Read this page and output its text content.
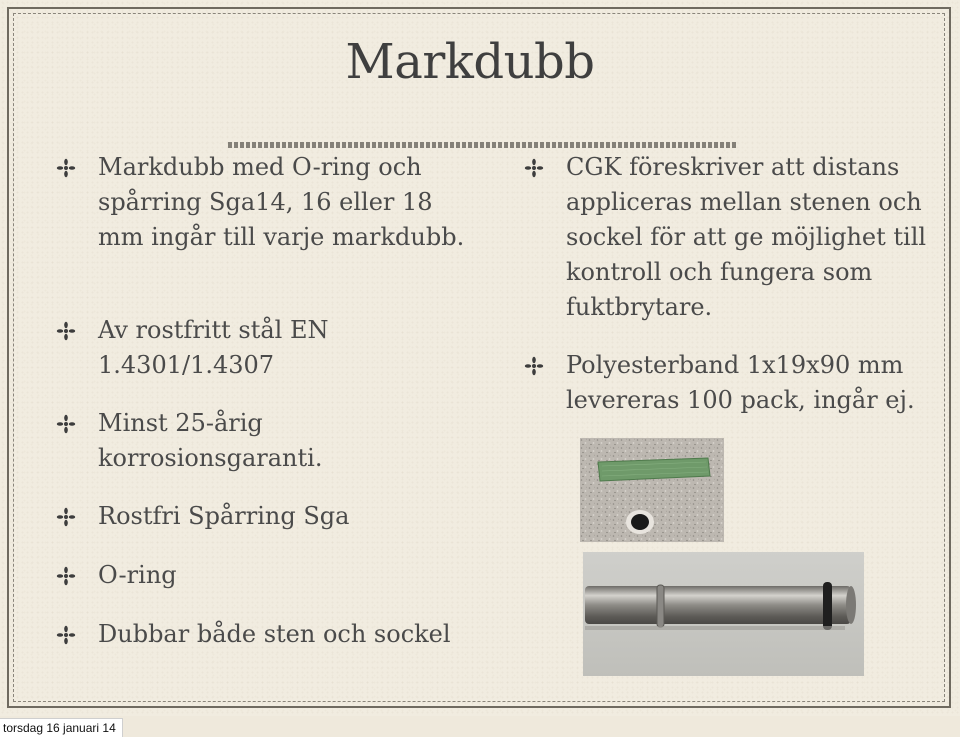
Markdubb
Markdubb med O-ring och spårring Sga14, 16 eller 18 mm ingår till varje markdubb.
Av rostfritt stål EN 1.4301/1.4307
Minst 25-årig korrosionsgaranti.
Rostfri Spårring Sga
O-ring
Dubbar både sten och sockel
CGK föreskriver att distans appliceras mellan stenen och sockel för att ge möjlighet till kontroll och fungera som fuktbrytare.
Polyesterband 1x19x90 mm levereras 100 pack, ingår ej.
torsdag 16 januari 14
